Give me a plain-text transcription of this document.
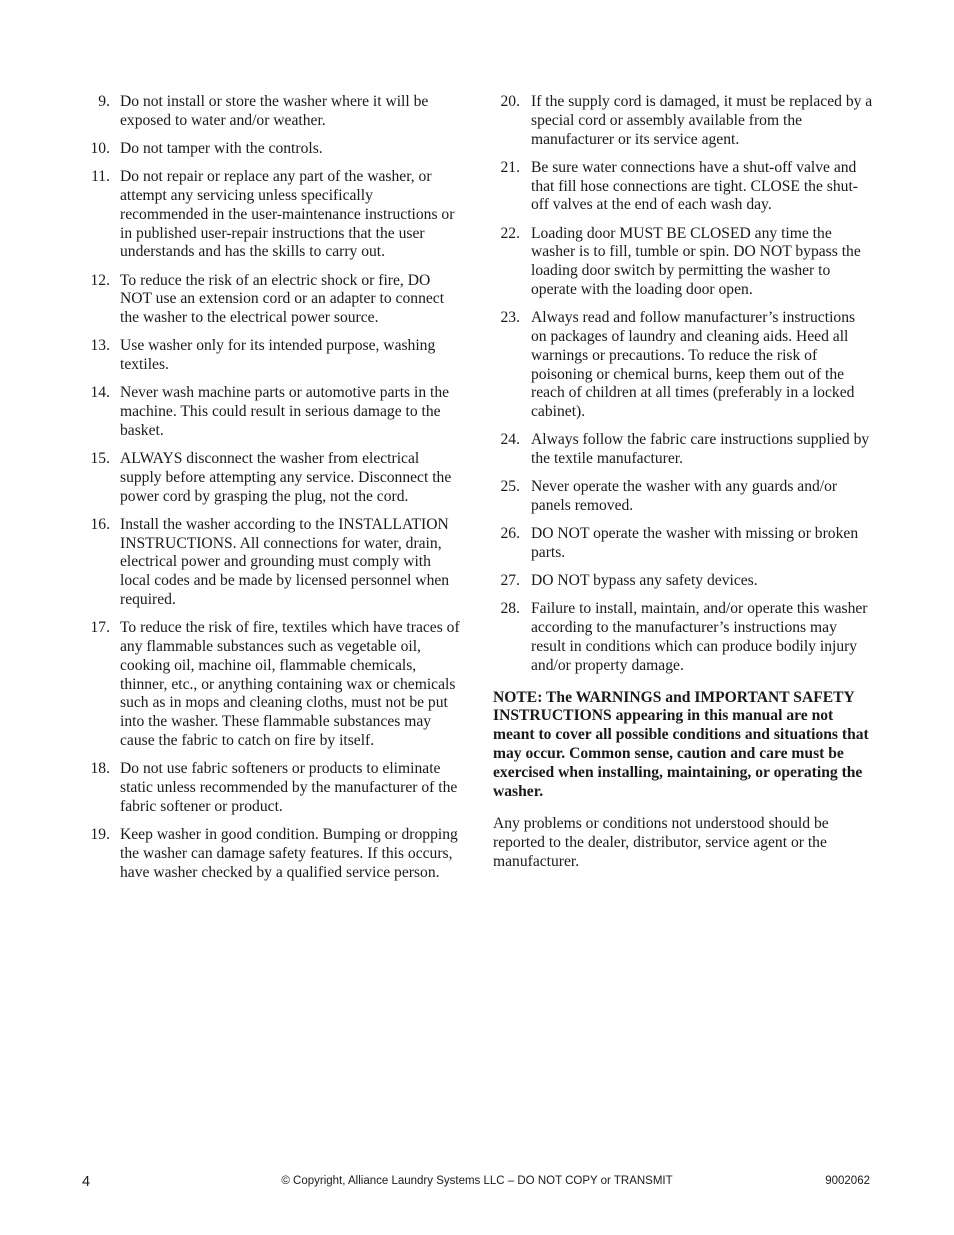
9. Do not install or store the washer where it will be exposed to water and/or weather.
10. Do not tamper with the controls.
11. Do not repair or replace any part of the washer, or attempt any servicing unless specifically recommended in the user-maintenance instructions or in published user-repair instructions that the user understands and has the skills to carry out.
12. To reduce the risk of an electric shock or fire, DO NOT use an extension cord or an adapter to connect the washer to the electrical power source.
13. Use washer only for its intended purpose, washing textiles.
14. Never wash machine parts or automotive parts in the machine. This could result in serious damage to the basket.
15. ALWAYS disconnect the washer from electrical supply before attempting any service. Disconnect the power cord by grasping the plug, not the cord.
16. Install the washer according to the INSTALLATION INSTRUCTIONS. All connections for water, drain, electrical power and grounding must comply with local codes and be made by licensed personnel when required.
17. To reduce the risk of fire, textiles which have traces of any flammable substances such as vegetable oil, cooking oil, machine oil, flammable chemicals, thinner, etc., or anything containing wax or chemicals such as in mops and cleaning cloths, must not be put into the washer. These flammable substances may cause the fabric to catch on fire by itself.
18. Do not use fabric softeners or products to eliminate static unless recommended by the manufacturer of the fabric softener or product.
19. Keep washer in good condition. Bumping or dropping the washer can damage safety features. If this occurs, have washer checked by a qualified service person.
20. If the supply cord is damaged, it must be replaced by a special cord or assembly available from the manufacturer or its service agent.
21. Be sure water connections have a shut-off valve and that fill hose connections are tight. CLOSE the shut-off valves at the end of each wash day.
22. Loading door MUST BE CLOSED any time the washer is to fill, tumble or spin. DO NOT bypass the loading door switch by permitting the washer to operate with the loading door open.
23. Always read and follow manufacturer’s instructions on packages of laundry and cleaning aids. Heed all warnings or precautions. To reduce the risk of poisoning or chemical burns, keep them out of the reach of children at all times (preferably in a locked cabinet).
24. Always follow the fabric care instructions supplied by the textile manufacturer.
25. Never operate the washer with any guards and/or panels removed.
26. DO NOT operate the washer with missing or broken parts.
27. DO NOT bypass any safety devices.
28. Failure to install, maintain, and/or operate this washer according to the manufacturer’s instructions may result in conditions which can produce bodily injury and/or property damage.
NOTE: The WARNINGS and IMPORTANT SAFETY INSTRUCTIONS appearing in this manual are not meant to cover all possible conditions and situations that may occur. Common sense, caution and care must be exercised when installing, maintaining, or operating the washer.
Any problems or conditions not understood should be reported to the dealer, distributor, service agent or the manufacturer.
4	© Copyright, Alliance Laundry Systems LLC – DO NOT COPY or TRANSMIT	9002062
